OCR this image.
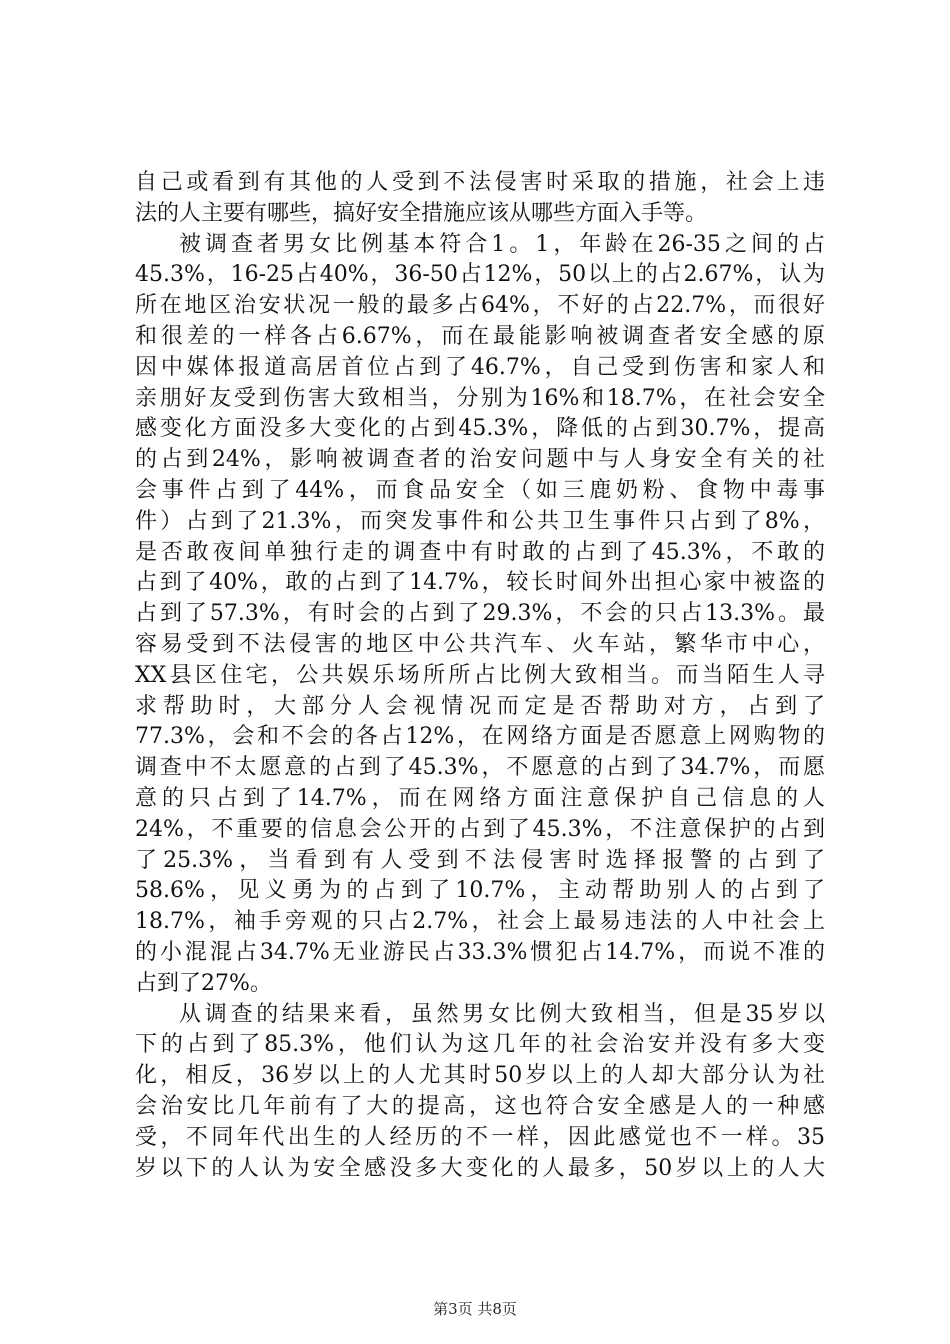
自己或看到有其他的人受到不法侵害时采取的措施，社会上违
法的人主要有哪些，搞好安全措施应该从哪些方面入手等。
被调查者男女比例基本符合1。1，年龄在26-35之间的占
45.3%，16-25占40%，36-50占12%，50以上的占2.67%，认为
所在地区治安状况一般的最多占64%，不好的占22.7%，而很好
和很差的一样各占6.67%，而在最能影响被调查者安全感的原
因中媒体报道高居首位占到了46.7%，自己受到伤害和家人和
亲朋好友受到伤害大致相当，分别为16%和18.7%，在社会安全
感变化方面没多大变化的占到45.3%，降低的占到30.7%，提高
的占到24%，影响被调查者的治安问题中与人身安全有关的社
会事件占到了44%，而食品安全（如三鹿奶粉、食物中毒事
件）占到了21.3%，而突发事件和公共卫生事件只占到了8%，
是否敢夜间单独行走的调查中有时敢的占到了45.3%，不敢的
占到了40%，敢的占到了14.7%，较长时间外出担心家中被盗的
占到了57.3%，有时会的占到了29.3%，不会的只占13.3%。最
容易受到不法侵害的地区中公共汽车、火车站，繁华市中心，
XX县区住宅，公共娱乐场所所占比例大致相当。而当陌生人寻
求帮助时，大部分人会视情况而定是否帮助对方，占到了
77.3%，会和不会的各占12%，在网络方面是否愿意上网购物的
调查中不太愿意的占到了45.3%，不愿意的占到了34.7%，而愿
意的只占到了14.7%，而在网络方面注意保护自己信息的人
24%，不重要的信息会公开的占到了45.3%，不注意保护的占到
了25.3%，当看到有人受到不法侵害时选择报警的占到了
58.6%，见义勇为的占到了10.7%，主动帮助别人的占到了
18.7%，袖手旁观的只占2.7%，社会上最易违法的人中社会上
的小混混占34.7%无业游民占33.3%惯犯占14.7%，而说不准的
占到了27%。
从调查的结果来看，虽然男女比例大致相当，但是35岁以
下的占到了85.3%，他们认为这几年的社会治安并没有多大变
化，相反，36岁以上的人尤其时50岁以上的人却大部分认为社
会治安比几年前有了大的提高，这也符合安全感是人的一种感
受，不同年代出生的人经历的不一样，因此感觉也不一样。35
岁以下的人认为安全感没多大变化的人最多，50岁以上的人大
第3页 共8页
